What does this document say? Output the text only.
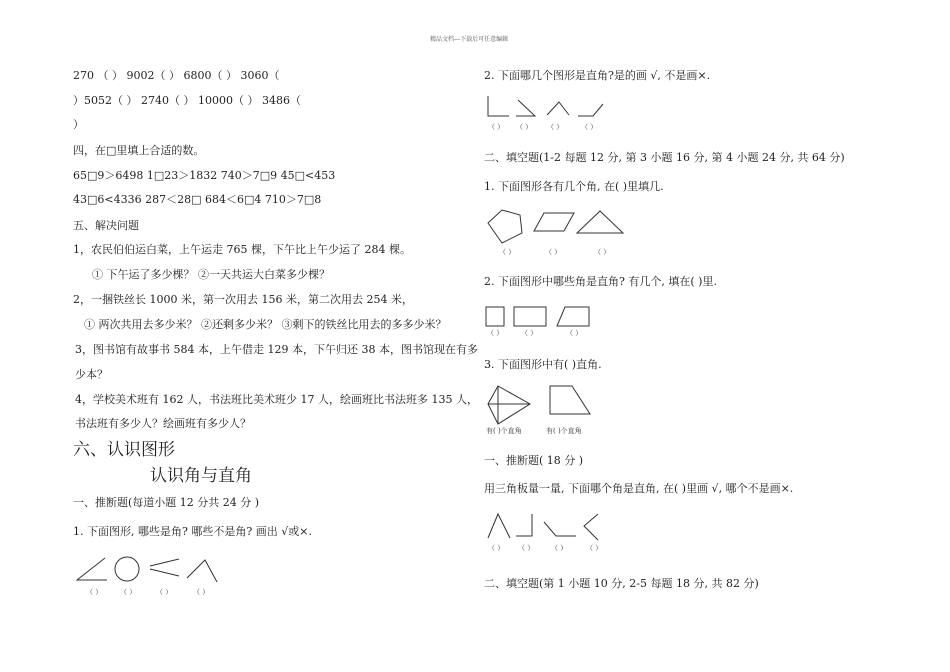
精品文档---下载后可任意编辑
270 （ ） 9002（ ） 6800（ ） 3060（
）5052（ ） 2740（ ） 10000（ ） 3486（
）
四，在□里填上合适的数。
65□9＞6498 1□23＞1832 740＞7□9 45□<453
43□6<4336 287＜28□ 684＜6□4 710＞7□8
五、解决问题
1，农民伯伯运白菜，上午运走 765 棵，下午比上午少运了 284 棵。
① 下午运了多少棵？ ②一天共运大白菜多少棵？
2，一捆铁丝长 1000 米，第一次用去 156 米，第二次用去 254 米，
① 两次共用去多少米？ ②还剩多少米？ ③剩下的铁丝比用去的多多少米？
3，图书馆有故事书 584 本，上午借走 129 本，下午归还 38 本，图书馆现在有多
少本？
4，学校美术班有 162 人，书法班比美术班少 17 人，绘画班比书法班多 135 人，
书法班有多少人？绘画班有多少人？
六、认识图形
认识角与直角
一、推断题(每道小题 12 分共 24 分 )
1. 下面图形, 哪些是角? 哪些不是角? 画出 √或×.
（ ）	（ ）	（ ）	（ ）
2. 下面哪几个图形是直角?是的画 √, 不是画×.
（ ） （ ） （ ）	（ ）
二、填空题(1-2 每题 12 分, 第 3 小题 16 分, 第 4 小题 24 分, 共 64 分)
1. 下面图形各有几个角, 在( )里填几.
（ ）	（ ）	（ ）
2. 下面图形中哪些角是直角? 有几个, 填在( )里.
（ ）	（ ）	（ ）
3. 下面图形中有( )直角.
有( )个直角	有( )个直角
一、推断题( 18 分 )
用三角板量一量, 下面哪个角是直角, 在( )里画 √, 哪个不是画×.
（ ） （ ） （ ）	（ ）
二、填空题(第 1 小题 10 分, 2-5 每题 18 分, 共 82 分)
